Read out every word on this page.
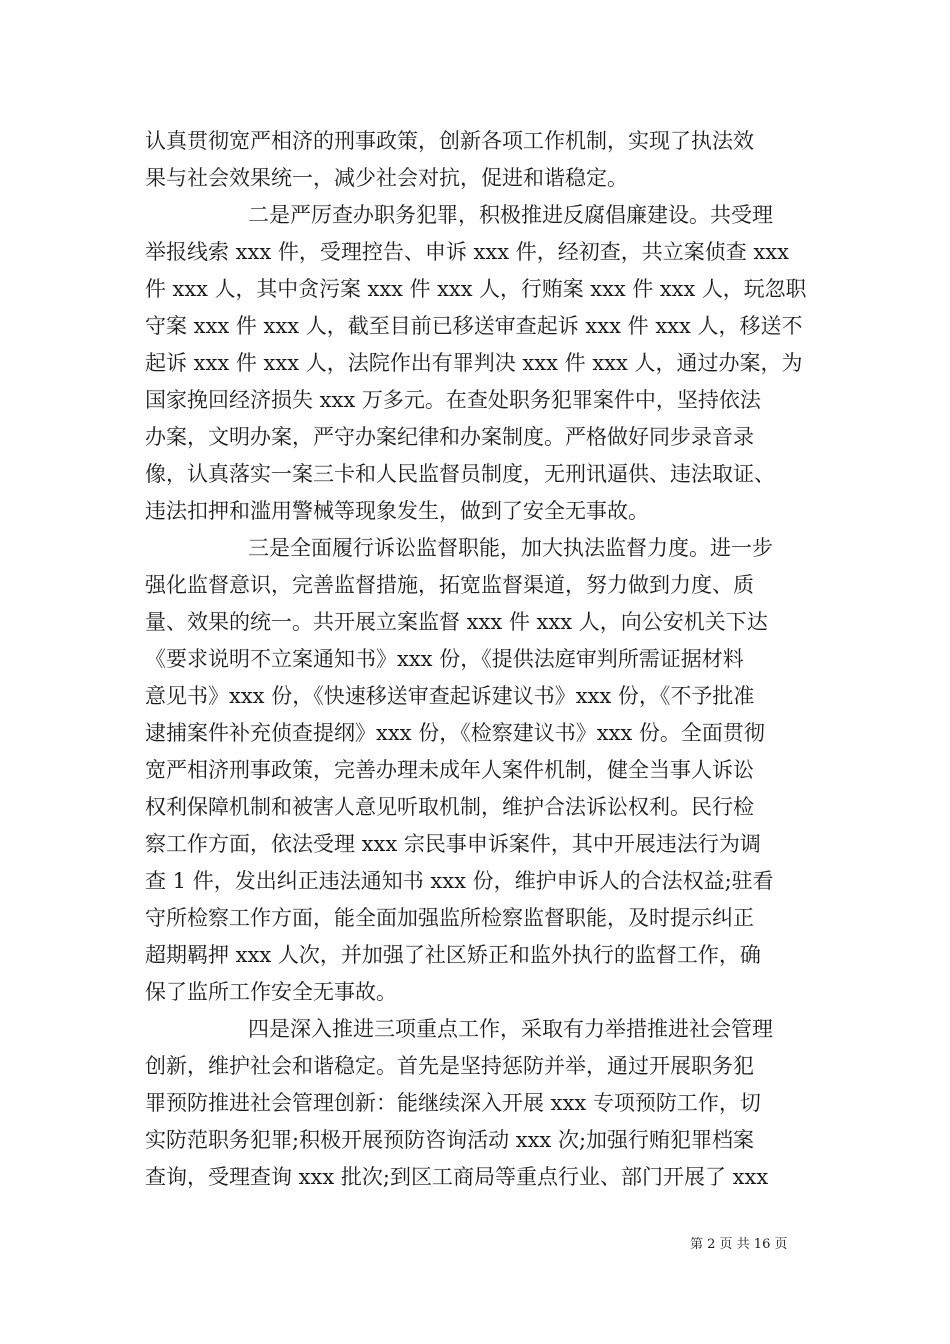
认真贯彻宽严相济的刑事政策，创新各项工作机制，实现了执法效
果与社会效果统一，减少社会对抗，促进和谐稳定。
二是严厉查办职务犯罪，积极推进反腐倡廉建设。共受理
举报线索 xxx 件，受理控告、申诉 xxx 件，经初查，共立案侦查 xxx
件 xxx 人，其中贪污案 xxx 件 xxx 人，行贿案 xxx 件 xxx 人，玩忽职
守案 xxx 件 xxx 人，截至目前已移送审查起诉 xxx 件 xxx 人，移送不
起诉 xxx 件 xxx 人，法院作出有罪判决 xxx 件 xxx 人，通过办案，为
国家挽回经济损失 xxx 万多元。在查处职务犯罪案件中，坚持依法
办案，文明办案，严守办案纪律和办案制度。严格做好同步录音录
像，认真落实一案三卡和人民监督员制度，无刑讯逼供、违法取证、
违法扣押和滥用警械等现象发生，做到了安全无事故。
三是全面履行诉讼监督职能，加大执法监督力度。进一步
强化监督意识，完善监督措施，拓宽监督渠道，努力做到力度、质
量、效果的统一。共开展立案监督 xxx 件 xxx 人，向公安机关下达
《要求说明不立案通知书》xxx 份，《提供法庭审判所需证据材料
意见书》xxx 份，《快速移送审查起诉建议书》xxx 份，《不予批准
逮捕案件补充侦查提纲》xxx 份，《检察建议书》xxx 份。全面贯彻
宽严相济刑事政策，完善办理未成年人案件机制，健全当事人诉讼
权利保障机制和被害人意见听取机制，维护合法诉讼权利。民行检
察工作方面，依法受理 xxx 宗民事申诉案件，其中开展违法行为调
查 1 件，发出纠正违法通知书 xxx 份，维护申诉人的合法权益;驻看
守所检察工作方面，能全面加强监所检察监督职能，及时提示纠正
超期羁押 xxx 人次，并加强了社区矫正和监外执行的监督工作，确
保了监所工作安全无事故。
四是深入推进三项重点工作，采取有力举措推进社会管理
创新，维护社会和谐稳定。首先是坚持惩防并举，通过开展职务犯
罪预防推进社会管理创新：能继续深入开展 xxx 专项预防工作，切
实防范职务犯罪;积极开展预防咨询活动 xxx 次;加强行贿犯罪档案
查询，受理查询 xxx 批次;到区工商局等重点行业、部门开展了 xxx
第 2 页 共 16 页
